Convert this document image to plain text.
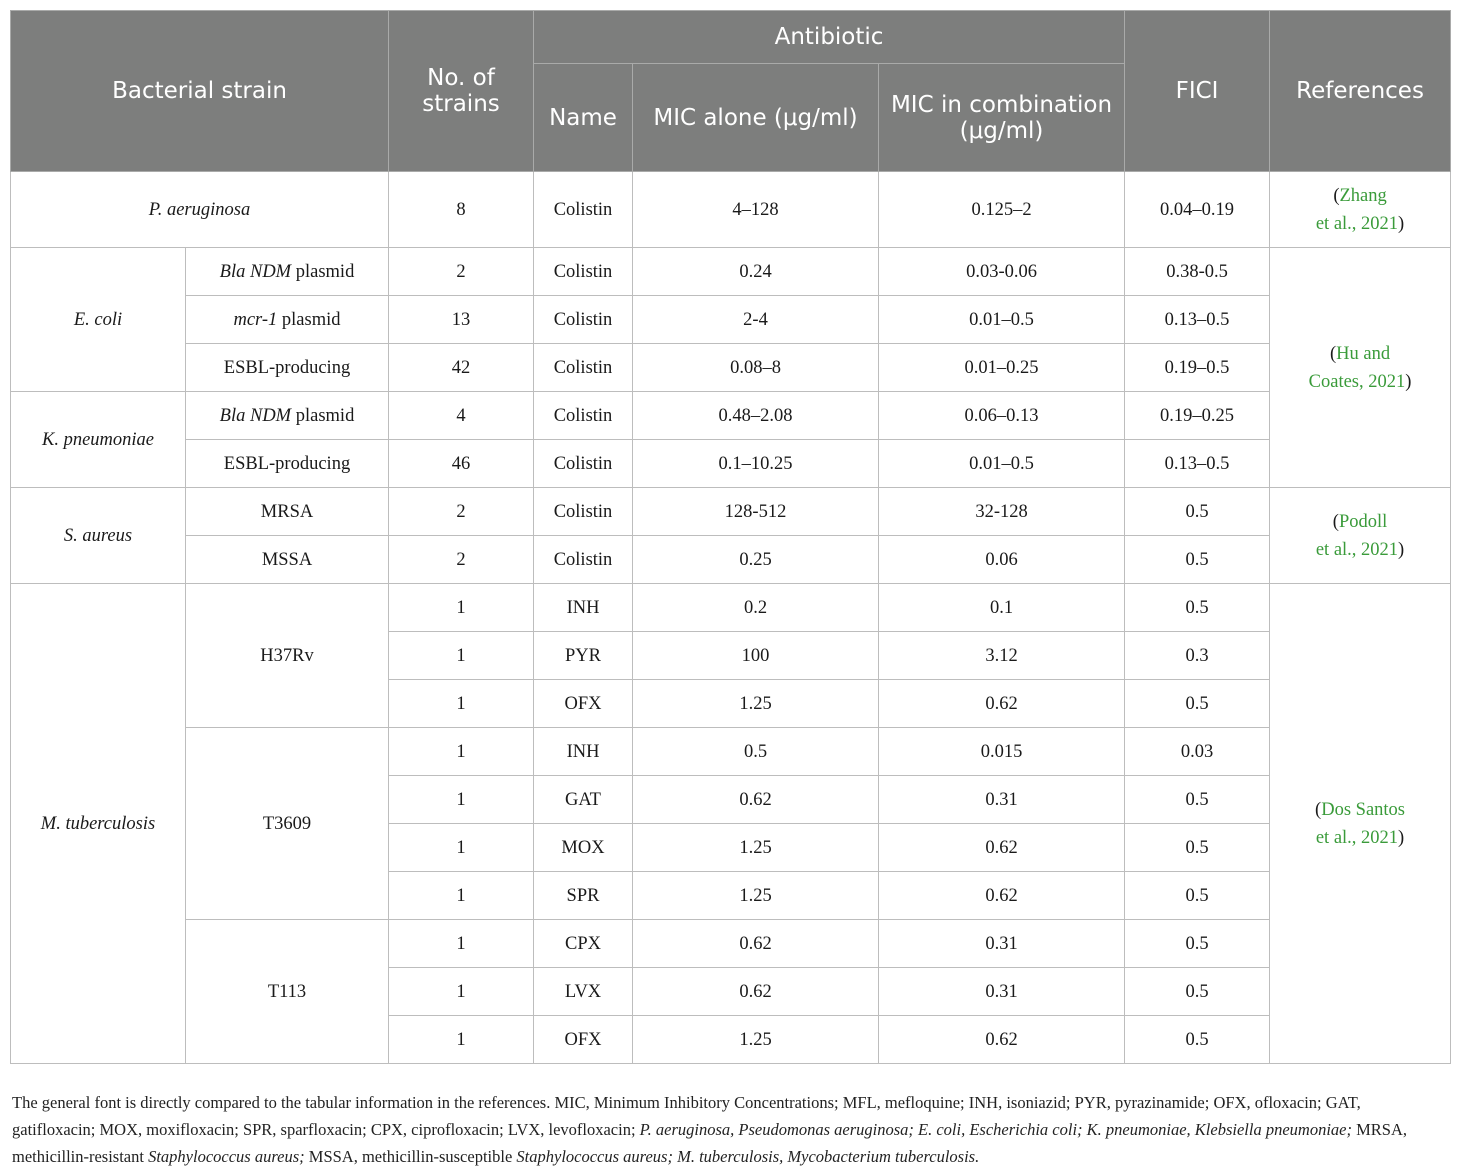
Bacterial strain		No. of strains	Antibiotic			FICI	References
			Name	MIC alone (μg/ml)	MIC in combination (μg/ml)		
P. aeruginosa		8	Colistin	4–128	0.125–2	0.04–0.19	(Zhang
et al., 2021)
E. coli	Bla NDM plasmid	2	Colistin	0.24	0.03-0.06	0.38-0.5	(Hu and
Coates, 2021)
	mcr-1 plasmid	13	Colistin	2-4	0.01–0.5	0.13–0.5	
	ESBL-producing	42	Colistin	0.08–8	0.01–0.25	0.19–0.5	
K. pneumoniae	Bla NDM plasmid	4	Colistin	0.48–2.08	0.06–0.13	0.19–0.25	
	ESBL-producing	46	Colistin	0.1–10.25	0.01–0.5	0.13–0.5	
S. aureus	MRSA	2	Colistin	128-512	32-128	0.5	(Podoll
et al., 2021)
	MSSA	2	Colistin	0.25	0.06	0.5	
M. tuberculosis	H37Rv	1	INH	0.2	0.1	0.5	(Dos Santos
et al., 2021)
		1	PYR	100	3.12	0.3	
		1	OFX	1.25	0.62	0.5	
	T3609	1	INH	0.5	0.015	0.03	
		1	GAT	0.62	0.31	0.5	
		1	MOX	1.25	0.62	0.5	
		1	SPR	1.25	0.62	0.5	
	T113	1	CPX	0.62	0.31	0.5	
		1	LVX	0.62	0.31	0.5	
		1	OFX	1.25	0.62	0.5	

The general font is directly compared to the tabular information in the references. MIC, Minimum Inhibitory Concentrations; MFL, mefloquine; INH, isoniazid; PYR, pyrazinamide; OFX, ofloxacin; GAT, gatifloxacin; MOX, moxifloxacin; SPR, sparfloxacin; CPX, ciprofloxacin; LVX, levofloxacin; P. aeruginosa, Pseudomonas aeruginosa; E. coli, Escherichia coli; K. pneumoniae, Klebsiella pneumoniae; MRSA, methicillin-resistant Staphylococcus aureus; MSSA, methicillin-susceptible Staphylococcus aureus; M. tuberculosis, Mycobacterium tuberculosis.
